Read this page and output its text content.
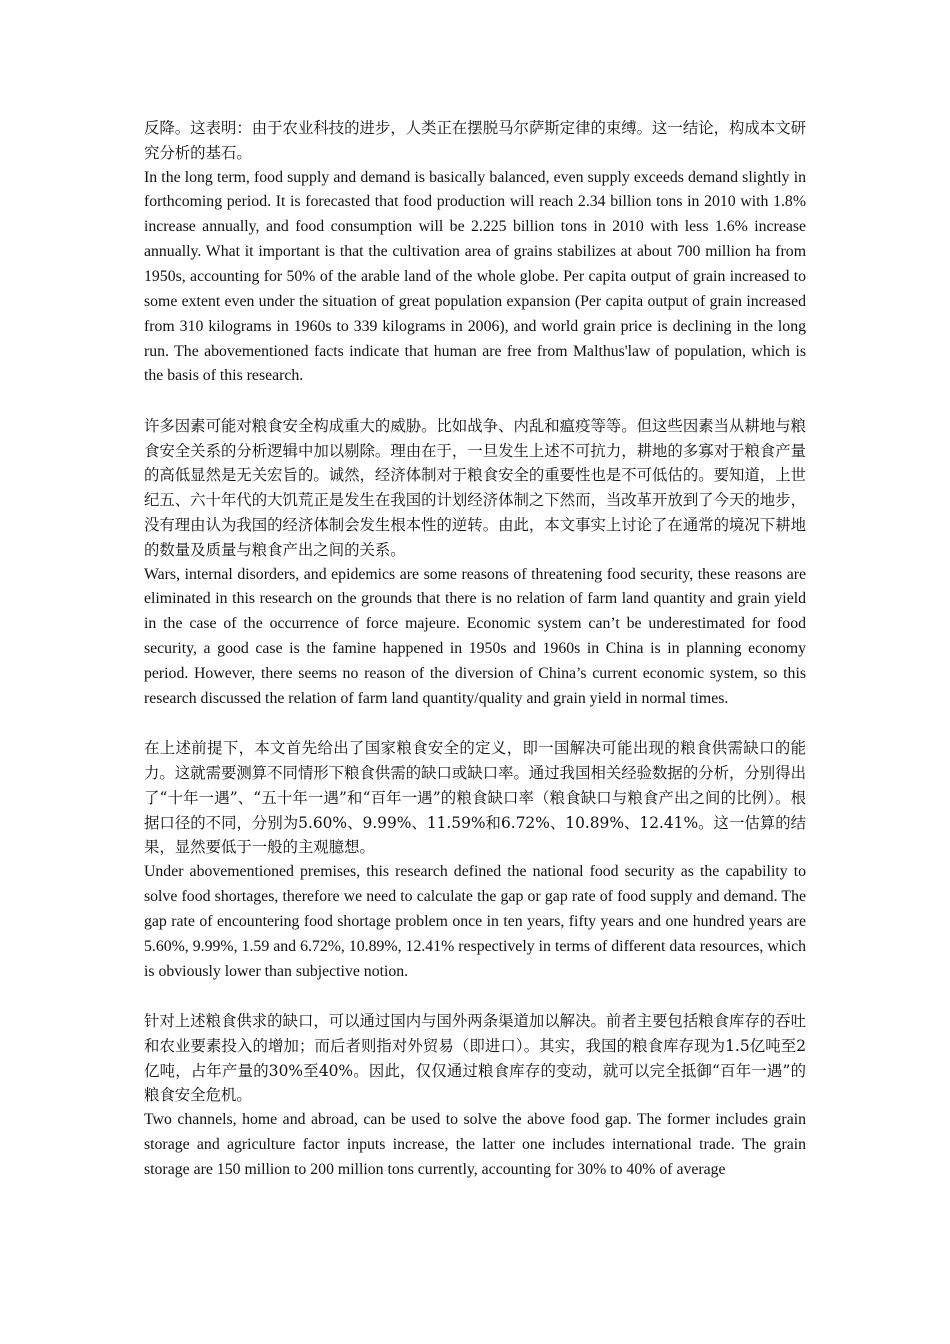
反降。这表明：由于农业科技的进步，人类正在摆脱马尔萨斯定律的束缚。这一结论，构成本文研究分析的基石。

In the long term, food supply and demand is basically balanced, even supply exceeds demand slightly in forthcoming period. It is forecasted that food production will reach 2.34 billion tons in 2010 with 1.8% increase annually, and food consumption will be 2.225 billion tons in 2010 with less 1.6% increase annually. What it important is that the cultivation area of grains stabilizes at about 700 million ha from 1950s, accounting for 50% of the arable land of the whole globe. Per capita output of grain increased to some extent even under the situation of great population expansion (Per capita output of grain increased from 310 kilograms in 1960s to 339 kilograms in 2006), and world grain price is declining in the long run. The abovementioned facts indicate that human are free from Malthus'law of population, which is the basis of this research.

许多因素可能对粮食安全构成重大的威胁。比如战争、内乱和瘟疫等等。但这些因素当从耕地与粮食安全关系的分析逻辑中加以剔除。理由在于，一旦发生上述不可抗力，耕地的多寡对于粮食产量的高低显然是无关宏旨的。诚然，经济体制对于粮食安全的重要性也是不可低估的。要知道，上世纪五、六十年代的大饥荒正是发生在我国的计划经济体制之下然而，当改革开放到了今天的地步，没有理由认为我国的经济体制会发生根本性的逆转。由此，本文事实上讨论了在通常的境况下耕地的数量及质量与粮食产出之间的关系。

Wars, internal disorders, and epidemics are some reasons of threatening food security, these reasons are eliminated in this research on the grounds that there is no relation of farm land quantity and grain yield in the case of the occurrence of force majeure. Economic system can’t be underestimated for food security, a good case is the famine happened in 1950s and 1960s in China is in planning economy period. However, there seems no reason of the diversion of China’s current economic system, so this research discussed the relation of farm land quantity/quality and grain yield in normal times.

在上述前提下，本文首先给出了国家粮食安全的定义，即一国解决可能出现的粮食供需缺口的能力。这就需要测算不同情形下粮食供需的缺口或缺口率。通过我国相关经验数据的分析，分别得出了“十年一遇”、“五十年一遇”和“百年一遇”的粮食缺口率（粮食缺口与粮食产出之间的比例）。根据口径的不同，分别为5.60%、9.99%、11.59%和6.72%、10.89%、12.41%。这一估算的结果，显然要低于一般的主观臆想。

Under abovementioned premises, this research defined the national food security as the capability to solve food shortages, therefore we need to calculate the gap or gap rate of food supply and demand. The gap rate of encountering food shortage problem once in ten years, fifty years and one hundred years are 5.60%, 9.99%, 1.59 and 6.72%, 10.89%, 12.41% respectively in terms of different data resources, which is obviously lower than subjective notion.

针对上述粮食供求的缺口，可以通过国内与国外两条渠道加以解决。前者主要包括粮食库存的吞吐和农业要素投入的增加；而后者则指对外贸易（即进口）。其实，我国的粮食库存现为1.5亿吨至2亿吨，占年产量的30%至40%。因此，仅仅通过粮食库存的变动，就可以完全抵御“百年一遇”的粮食安全危机。

Two channels, home and abroad, can be used to solve the above food gap. The former includes grain storage and agriculture factor inputs increase, the latter one includes international trade. The grain storage are 150 million to 200 million tons currently, accounting for 30% to 40% of average
